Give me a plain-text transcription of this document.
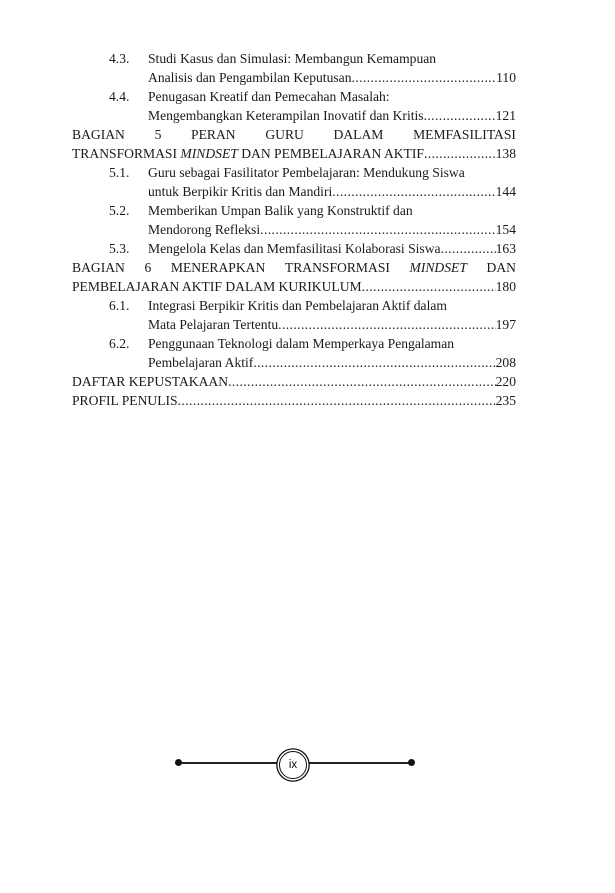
4.3. Studi Kasus dan Simulasi: Membangun Kemampuan
Analisis dan Pengambilan Keputusan .....	110
4.4. Penugasan Kreatif dan Pemecahan Masalah:
Mengembangkan Keterampilan Inovatif dan Kritis .....	121
BAGIAN 5 PERAN GURU DALAM MEMFASILITASI
TRANSFORMASI MINDSET DAN PEMBELAJARAN AKTIF .....	138
5.1. Guru sebagai Fasilitator Pembelajaran: Mendukung Siswa
untuk Berpikir Kritis dan Mandiri .....	144
5.2. Memberikan Umpan Balik yang Konstruktif dan
Mendorong Refleksi .....	154
5.3. Mengelola Kelas dan Memfasilitasi Kolaborasi Siswa .....	163
BAGIAN 6 MENERAPKAN TRANSFORMASI MINDSET DAN
PEMBELAJARAN AKTIF DALAM KURIKULUM .....	180
6.1. Integrasi Berpikir Kritis dan Pembelajaran Aktif dalam
Mata Pelajaran Tertentu .....	197
6.2. Penggunaan Teknologi dalam Memperkaya Pengalaman
Pembelajaran Aktif .....	208
DAFTAR KEPUSTAKAAN .....	220
PROFIL PENULIS .....	235
ix
